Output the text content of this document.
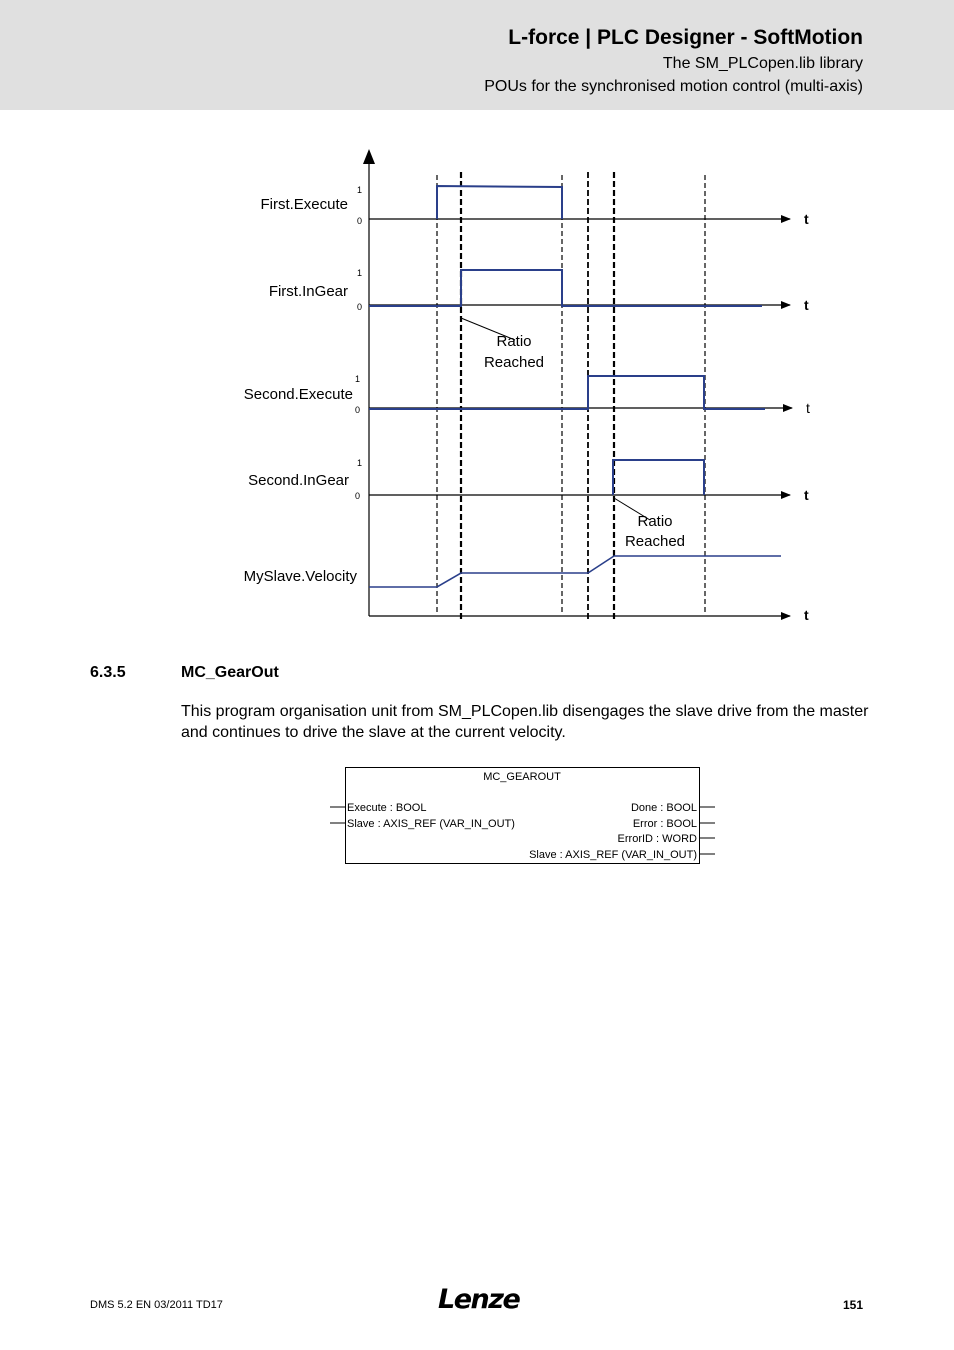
L-force | PLC Designer - SoftMotion
The SM_PLCopen.lib library
POUs for the synchronised motion control (multi-axis)
First.Execute
First.InGear
Second.Execute
Second.InGear
MySlave.Velocity
1
0
1
0
1
0
1
0
t
t
t
t
t
Ratio
Reached
Ratio
Reached
6.3.5	MC_GearOut
This program organisation unit from SM_PLCopen.lib disengages the slave drive from the master and continues to drive the slave at the current velocity.
MC_GEAROUT
Execute : BOOL
Slave : AXIS_REF (VAR_IN_OUT)
Done : BOOL
Error : BOOL
ErrorID : WORD
Slave : AXIS_REF (VAR_IN_OUT)
DMS 5.2 EN 03/2011 TD17	Lenze	151
